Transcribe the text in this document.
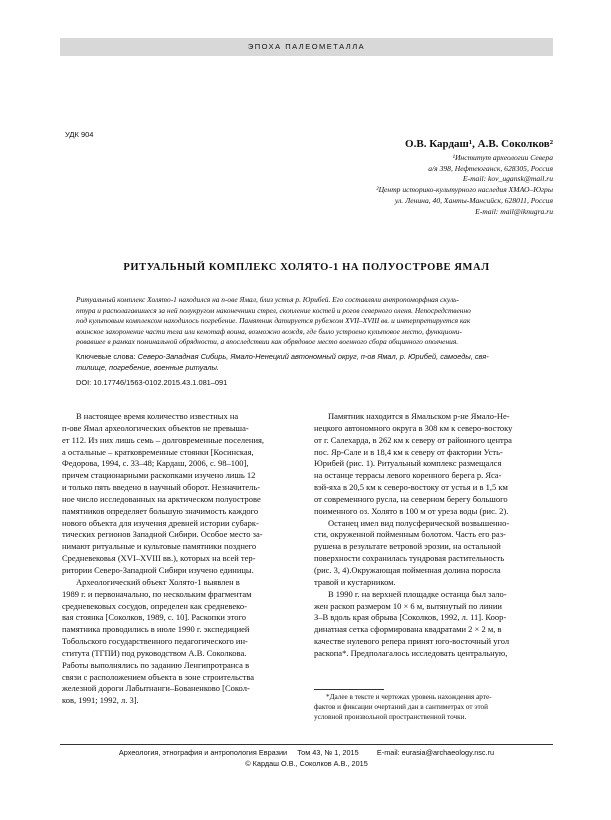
ЭПОХА ПАЛЕОМЕТАЛЛА
УДК 904
О.В. Кардаш¹, А.В. Соколков²
¹Институт археологии Севера
а/я 398, Нефтеюганск, 628305, Россия
E-mail: kov_ugansk@mail.ru
²Центр историко-культурного наследия ХМАО–Югры
ул. Ленина, 40, Ханты-Мансийск, 628011, Россия
E-mail: mail@iknugra.ru
РИТУАЛЬНЫЙ КОМПЛЕКС ХОЛЯТО-1 НА ПОЛУОСТРОВЕ ЯМАЛ
Ритуальный комплекс Холято-1 находился на п-ове Ямал, близ устья р. Юрибей. Его составляли антропоморфная скуль-
птура и располагавшиеся за ней полукругом наконечники стрел, скопление костей и рогов северного оленя. Непосредственно
под культовым комплексом находилось погребение. Памятник датируется рубежом XVII–XVIII вв. и интерпретируется как
воинское захоронение части тела или кенотаф воина, возможно вождя, где было устроено культовое место, функциони-
ровавшее в рамках поминальной обрядности, а впоследствии как обрядовое место военного сбора общинного ополчения.
Ключевые слова: Северо-Западная Сибирь, Ямало-Ненецкий автономный округ, п-ов Ямал, р. Юрибей, самоеды, свя-
тилище, погребение, военные ритуалы.
DOI: 10.17746/1563-0102.2015.43.1.081–091
В настоящее время количество известных на
п-ове Ямал археологических объектов не превыша-
ет 112. Из них лишь семь – долговременные поселения,
а остальные – кратковременные стоянки [Косинская,
Федорова, 1994, с. 33–48; Кардаш, 2006, с. 98–100],
причем стационарными раскопками изучено лишь 12
и только пять введено в научный оборот. Незначитель-
ное число исследованных на арктическом полуострове
памятников определяет большую значимость каждого
нового объекта для изучения древней истории субарк-
тических регионов Западной Сибири. Особое место за-
нимают ритуальные и культовые памятники позднего
Средневековья (XVI–XVIII вв.), которых на всей тер-
ритории Северо-Западной Сибири изучено единицы.
Археологический объект Холято-1 выявлен в
1989 г. и первоначально, по нескольким фрагментам
средневековых сосудов, определен как средневеко-
вая стоянка [Соколков, 1989, с. 10]. Раскопки этого
памятника проводились в июле 1990 г. экспедицией
Тобольского государственного педагогического ин-
ститута (ТГПИ) под руководством А.В. Соколкова.
Работы выполнялись по заданию Ленгипротранса в
связи с расположением объекта в зоне строительства
железной дороги Лабытнанги–Бованенково [Сокол-
ков, 1991; 1992, л. 3].
Памятник находится в Ямальском р-не Ямало-Не-
нецкого автономного округа в 308 км к северо-востоку
от г. Салехарда, в 262 км к северу от районного центра
пос. Яр-Сале и в 18,4 км к северу от фактории Усть-
Юрибей (рис. 1). Ритуальный комплекс размещался
на останце террасы левого коренного берега р. Ясa-
вэй-яха в 20,5 км к северо-востоку от устья и в 1,5 км
от современного русла, на северном берегу большого
поименного оз. Холято в 100 м от уреза воды (рис. 2).
Останец имел вид полусферической возвышенно-
сти, окруженной пойменным болотом. Часть его раз-
рушена в результате ветровой эрозии, на остальной
поверхности сохранилась тундровая растительность
(рис. 3, 4).Окружающая пойменная долина поросла
травой и кустарником.
В 1990 г. на верхней площадке останца был зало-
жен раскоп размером 10 × 6 м, вытянутый по линии
З–В вдоль края обрыва [Соколков, 1992, л. 11]. Коор-
динатная сетка сформирована квадратами 2 × 2 м, в
качестве нулевого репера принят юго-восточный угол
раскопа*. Предполагалось исследовать центральную,
*Далее в тексте и чертежах уровень нахождения арте-
фактов и фиксации очертаний дан в сантиметрах от этой
условной произвольной пространственной точки.
Археология, этнография и антропология Евразии Том 43, № 1, 2015	E-mail: eurasia@archaeology.nsc.ru
© Кардаш О.В., Соколков А.В., 2015
